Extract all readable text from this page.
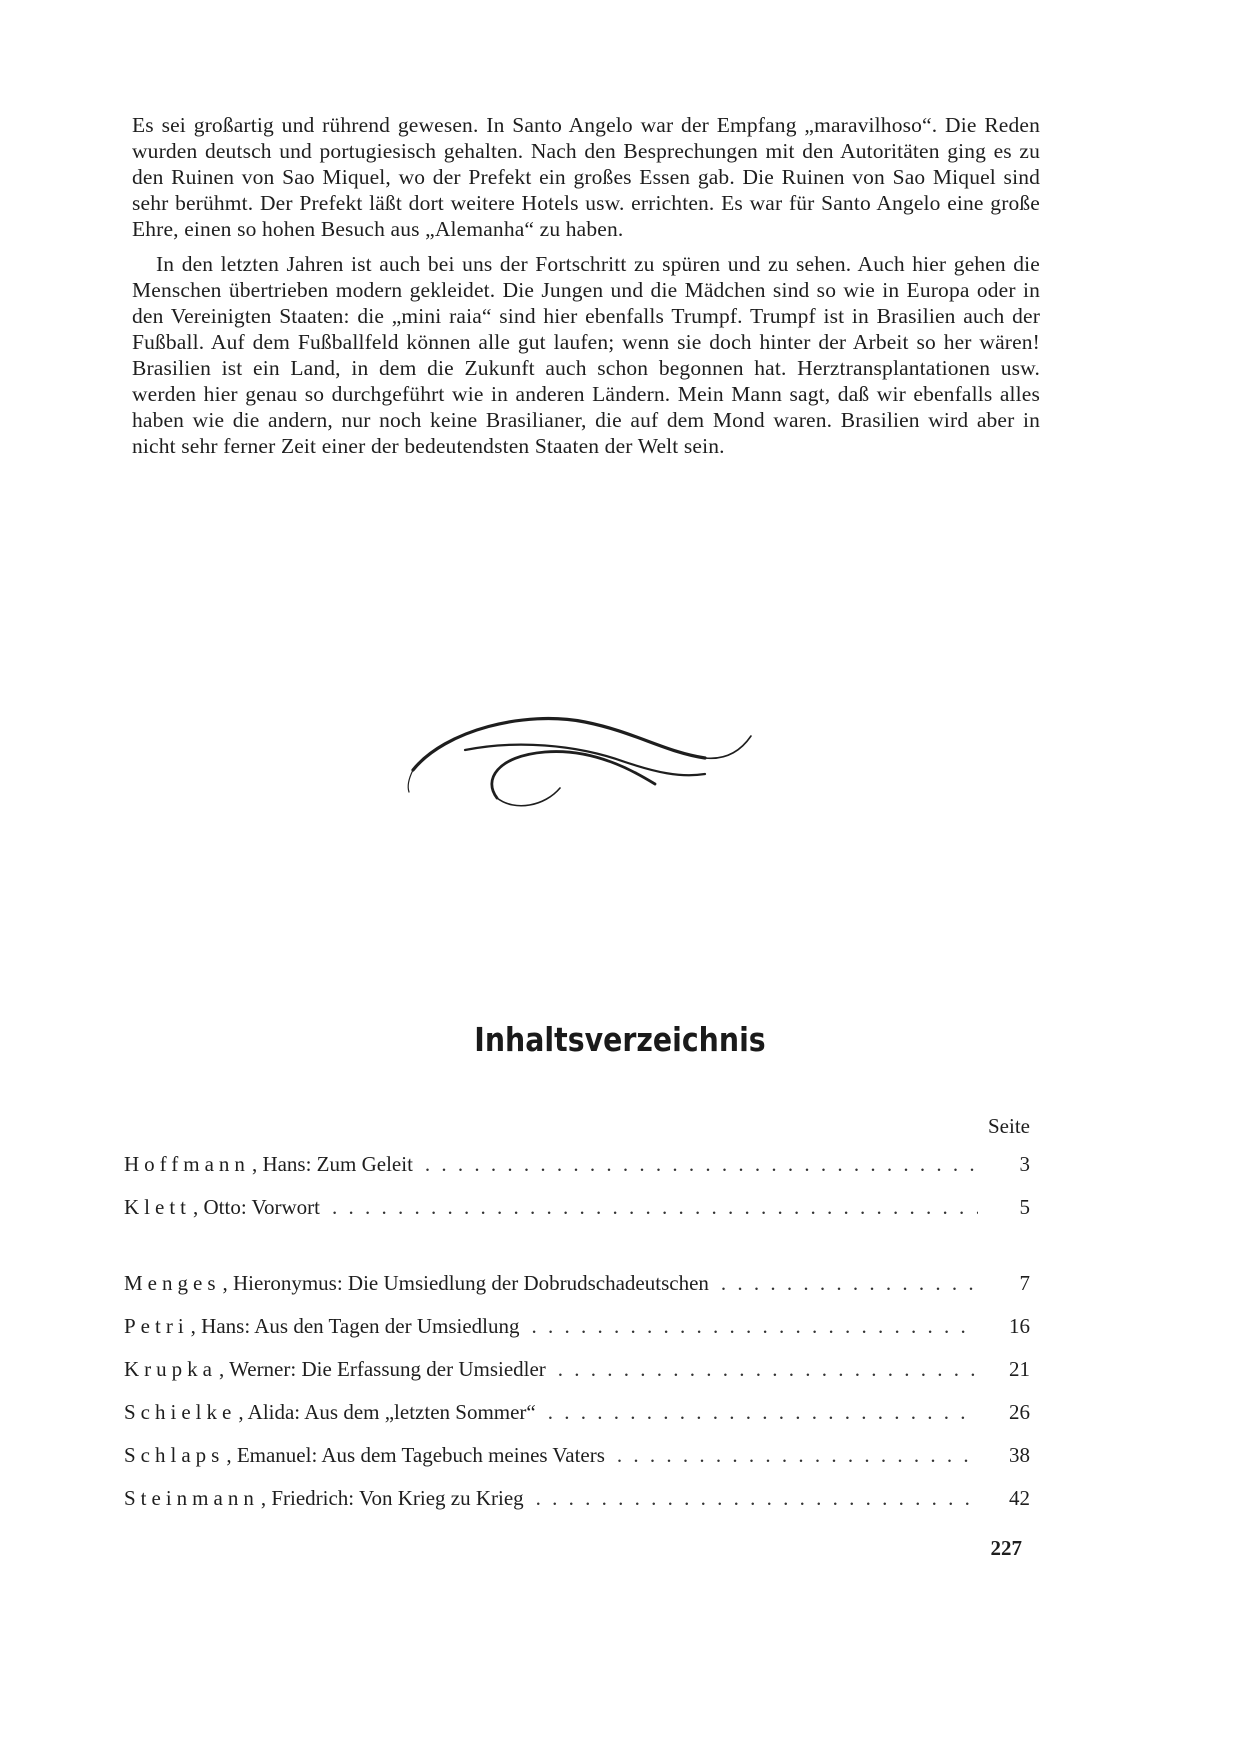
Es sei großartig und rührend gewesen. In Santo Angelo war der Empfang „maravilhoso“. Die Reden wurden deutsch und portugiesisch gehalten. Nach den Besprechungen mit den Autoritäten ging es zu den Ruinen von Sao Miquel, wo der Prefekt ein großes Essen gab. Die Ruinen von Sao Miquel sind sehr berühmt. Der Prefekt läßt dort weitere Hotels usw. errichten. Es war für Santo Angelo eine große Ehre, einen so hohen Besuch aus „Alemanha“ zu haben.

In den letzten Jahren ist auch bei uns der Fortschritt zu spüren und zu sehen. Auch hier gehen die Menschen übertrieben modern gekleidet. Die Jungen und die Mädchen sind so wie in Europa oder in den Vereinigten Staaten: die „mini raia“ sind hier ebenfalls Trumpf. Trumpf ist in Brasilien auch der Fußball. Auf dem Fußballfeld können alle gut laufen; wenn sie doch hinter der Arbeit so her wären! Brasilien ist ein Land, in dem die Zukunft auch schon begonnen hat. Herztransplantationen usw. werden hier genau so durchgeführt wie in anderen Ländern. Mein Mann sagt, daß wir ebenfalls alles haben wie die andern, nur noch keine Brasilianer, die auf dem Mond waren. Brasilien wird aber in nicht sehr ferner Zeit einer der bedeutendsten Staaten der Welt sein.

Inhaltsverzeichnis
Seite
Hoffmann , Hans: Zum Geleit . . .	3
Klett , Otto: Vorwort . . .	5
Menges , Hieronymus: Die Umsiedlung der Dobrudschadeutschen . . .	7
Petri , Hans: Aus den Tagen der Umsiedlung . . .	16
Krupka , Werner: Die Erfassung der Umsiedler . . .	21
Schielke , Alida: Aus dem „letzten Sommer“ . . .	26
Schlaps , Emanuel: Aus dem Tagebuch meines Vaters . . .	38
Steinmann , Friedrich: Von Krieg zu Krieg . . .	42
227
